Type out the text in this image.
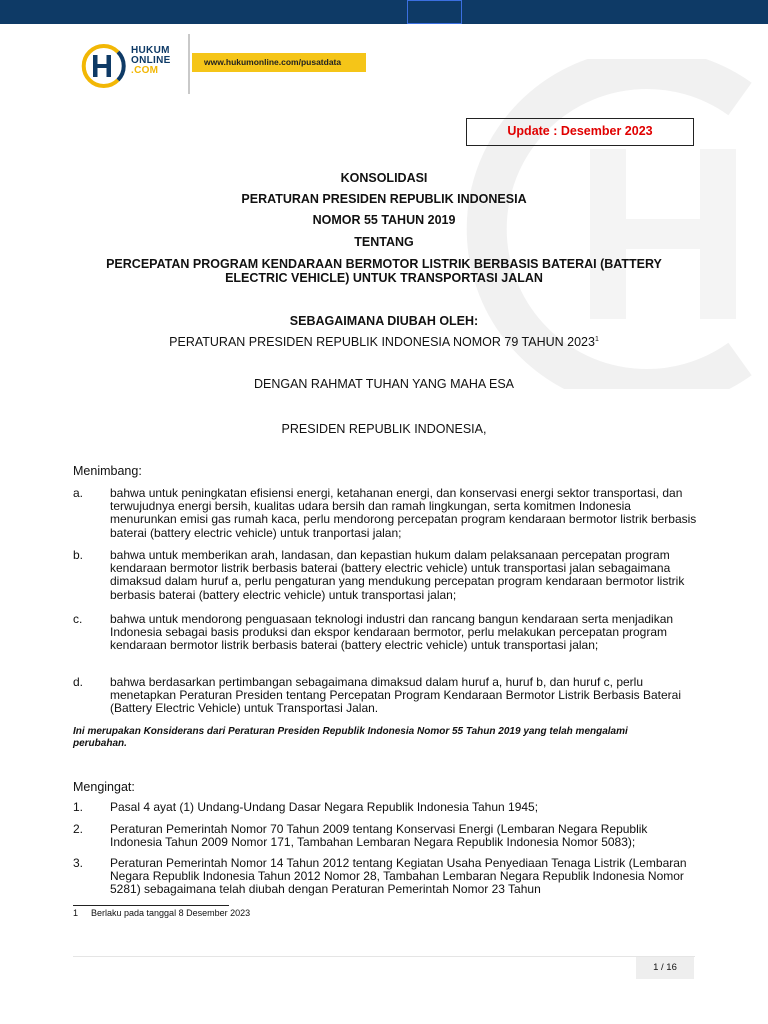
HUKUM
ONLINE
.COM
www.hukumonline.com/pusatdata
Update : Desember 2023
KONSOLIDASI
PERATURAN PRESIDEN REPUBLIK INDONESIA
NOMOR 55 TAHUN 2019
TENTANG
PERCEPATAN PROGRAM KENDARAAN BERMOTOR LISTRIK BERBASIS BATERAI (BATTERY
ELECTRIC VEHICLE) UNTUK TRANSPORTASI JALAN
SEBAGAIMANA DIUBAH OLEH:
PERATURAN PRESIDEN REPUBLIK INDONESIA NOMOR 79 TAHUN 2023$^1$
DENGAN RAHMAT TUHAN YANG MAHA ESA
PRESIDEN REPUBLIK INDONESIA,
Menimbang:
a. bahwa untuk peningkatan efisiensi energi, ketahanan energi, dan konservasi energi sektor transportasi, dan terwujudnya energi bersih, kualitas udara bersih dan ramah lingkungan, serta komitmen Indonesia menurunkan emisi gas rumah kaca, perlu mendorong percepatan program kendaraan bermotor listrik berbasis baterai (battery electric vehicle) untuk tranportasi jalan;
b. bahwa untuk memberikan arah, landasan, dan kepastian hukum dalam pelaksanaan percepatan program kendaraan bermotor listrik berbasis baterai (battery electric vehicle) untuk transportasi jalan sebagaimana dimaksud dalam huruf a, perlu pengaturan yang mendukung percepatan program kendaraan bermotor listrik berbasis baterai (battery electric vehicle) untuk transportasi jalan;
c. bahwa untuk mendorong penguasaan teknologi industri dan rancang bangun kendaraan serta menjadikan Indonesia sebagai basis produksi dan ekspor kendaraan bermotor, perlu melakukan percepatan program kendaraan bermotor listrik berbasis baterai (battery electric vehicle) untuk transportasi jalan;
d. bahwa berdasarkan pertimbangan sebagaimana dimaksud dalam huruf a, huruf b, dan huruf c, perlu menetapkan Peraturan Presiden tentang Percepatan Program Kendaraan Bermotor Listrik Berbasis Baterai (Battery Electric Vehicle) untuk Transportasi Jalan.
Ini merupakan Konsiderans dari Peraturan Presiden Republik Indonesia Nomor 55 Tahun 2019 yang telah mengalami perubahan.
Mengingat:
1. Pasal 4 ayat (1) Undang-Undang Dasar Negara Republik Indonesia Tahun 1945;
2. Peraturan Pemerintah Nomor 70 Tahun 2009 tentang Konservasi Energi (Lembaran Negara Republik Indonesia Tahun 2009 Nomor 171, Tambahan Lembaran Negara Republik Indonesia Nomor 5083);
3. Peraturan Pemerintah Nomor 14 Tahun 2012 tentang Kegiatan Usaha Penyediaan Tenaga Listrik (Lembaran Negara Republik Indonesia Tahun 2012 Nomor 28, Tambahan Lembaran Negara Republik Indonesia Nomor 5281) sebagaimana telah diubah dengan Peraturan Pemerintah Nomor 23 Tahun
1 Berlaku pada tanggal 8 Desember 2023
1 / 16
